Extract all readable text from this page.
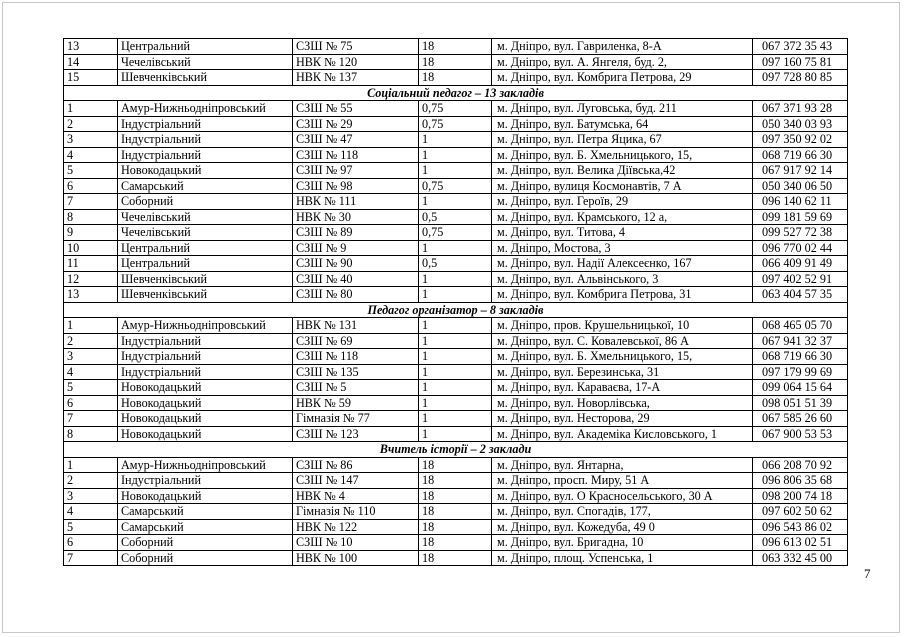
13	Центральний	СЗШ № 75	18	м. Дніпро, вул. Гавриленка, 8-А	067 372 35 43
14	Чечелівський	НВК № 120	18	м. Дніпро, вул. А. Янгеля, буд. 2,	097 160 75 81
15	Шевченківський	НВК № 137	18	м. Дніпро, вул. Комбрига Петрова, 29	097 728 80 85
Соціальний педагог – 13 закладів					
1	Амур-Нижньодніпровський	СЗШ № 55	0,75	м. Дніпро, вул. Луговська, буд. 211	067 371 93 28
2	Індустріальний	СЗШ № 29	0,75	м. Дніпро, вул. Батумська, 64	050 340 03 93
3	Індустріальний	СЗШ № 47	1	м. Дніпро, вул. Петра Яцика, 67	097 350 92 02
4	Індустріальний	СЗШ № 118	1	м. Дніпро, вул. Б. Хмельницького, 15,	068 719 66 30
5	Новокодацький	СЗШ № 97	1	м. Дніпро, вул. Велика Діївська,42	067 917 92 14
6	Самарський	СЗШ № 98	0,75	м. Дніпро, вулиця Космонавтів, 7 А	050 340 06 50
7	Соборний	НВК № 111	1	м. Дніпро, вул. Героїв, 29	096 140 62 11
8	Чечелівський	НВК № 30	0,5	м. Дніпро, вул. Крамського, 12 а,	099 181 59 69
9	Чечелівський	СЗШ № 89	0,75	м. Дніпро, вул. Титова, 4	099 527 72 38
10	Центральний	СЗШ № 9	1	м. Дніпро, Мостова, 3	096 770 02 44
11	Центральний	СЗШ № 90	0,5	м. Дніпро, вул. Надії Алексеєнко, 167	066 409 91 49
12	Шевченківський	СЗШ № 40	1	м. Дніпро, вул. Альвінського, 3	097 402 52 91
13	Шевченківський	СЗШ № 80	1	м. Дніпро, вул. Комбрига Петрова, 31	063 404 57 35
Педагог організатор – 8 закладів					
1	Амур-Нижньодніпровський	НВК № 131	1	м. Дніпро, пров. Крушельницької, 10	068 465 05 70
2	Індустріальний	СЗШ № 69	1	м. Дніпро, вул. С. Ковалевської, 86 А	067 941 32 37
3	Індустріальний	СЗШ № 118	1	м. Дніпро, вул. Б. Хмельницького, 15,	068 719 66 30
4	Індустріальний	СЗШ № 135	1	м. Дніпро, вул. Березинська, 31	097 179 99 69
5	Новокодацький	СЗШ № 5	1	м. Дніпро, вул. Караваєва, 17-А	099 064 15 64
6	Новокодацький	НВК № 59	1	м. Дніпро, вул. Новорлівська,	098 051 51 39
7	Новокодацький	Гімназія № 77	1	м. Дніпро, вул. Несторова, 29	067 585 26 60
8	Новокодацький	СЗШ № 123	1	м. Дніпро, вул. Академіка Кисловського, 1	067 900 53 53
Вчитель історії – 2 заклади					
1	Амур-Нижньодніпровський	СЗШ № 86	18	м. Дніпро, вул. Янтарна,	066 208 70 92
2	Індустріальний	СЗШ № 147	18	м. Дніпро, просп. Миру, 51 А	096 806 35 68
3	Новокодацький	НВК № 4	18	м. Дніпро, вул. О Красносельського, 30 А	098 200 74 18
4	Самарський	Гімназія № 110	18	м. Дніпро, вул. Спогадів, 177,	097 602 50 62
5	Самарський	НВК № 122	18	м. Дніпро, вул. Кожедуба, 49 0	096 543 86 02
6	Соборний	СЗШ № 10	18	м. Дніпро, вул. Бригадна, 10	096 613 02 51
7	Соборний	НВК № 100	18	м. Дніпро, площ. Успенська, 1	063 332 45 00
7
